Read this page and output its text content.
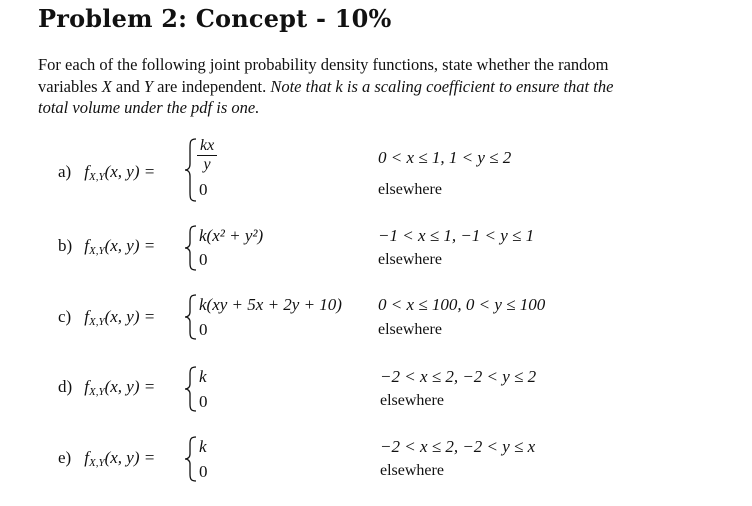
Problem 2: Concept - 10%
For each of the following joint probability density functions, state whether the random
variables X and Y are independent. Note that k is a scaling coefficient to ensure that the
total volume under the pdf is one.
a) $f_{X,Y}(x$, y) =	$\frac{kx}{y}$
0
0 < x ≤ 1, 1 < y ≤ 2
elsewhere
b) $f_{X,Y}(x$, y) =
k(x² + y²)
0
−1 < x ≤ 1, −1 < y ≤ 1
elsewhere
c) $f_{X,Y}(x$, y) =
k(xy + 5x + 2y + 10)
0
0 < x ≤ 100, 0 < y ≤ 100
elsewhere
d) $f_{X,Y}(x$, y) =
k
0
−2 < x ≤ 2, −2 < y ≤ 2
elsewhere
e) $f_{X,Y}(x$, y) =
k
0
−2 < x ≤ 2, −2 < y ≤ x
elsewhere
